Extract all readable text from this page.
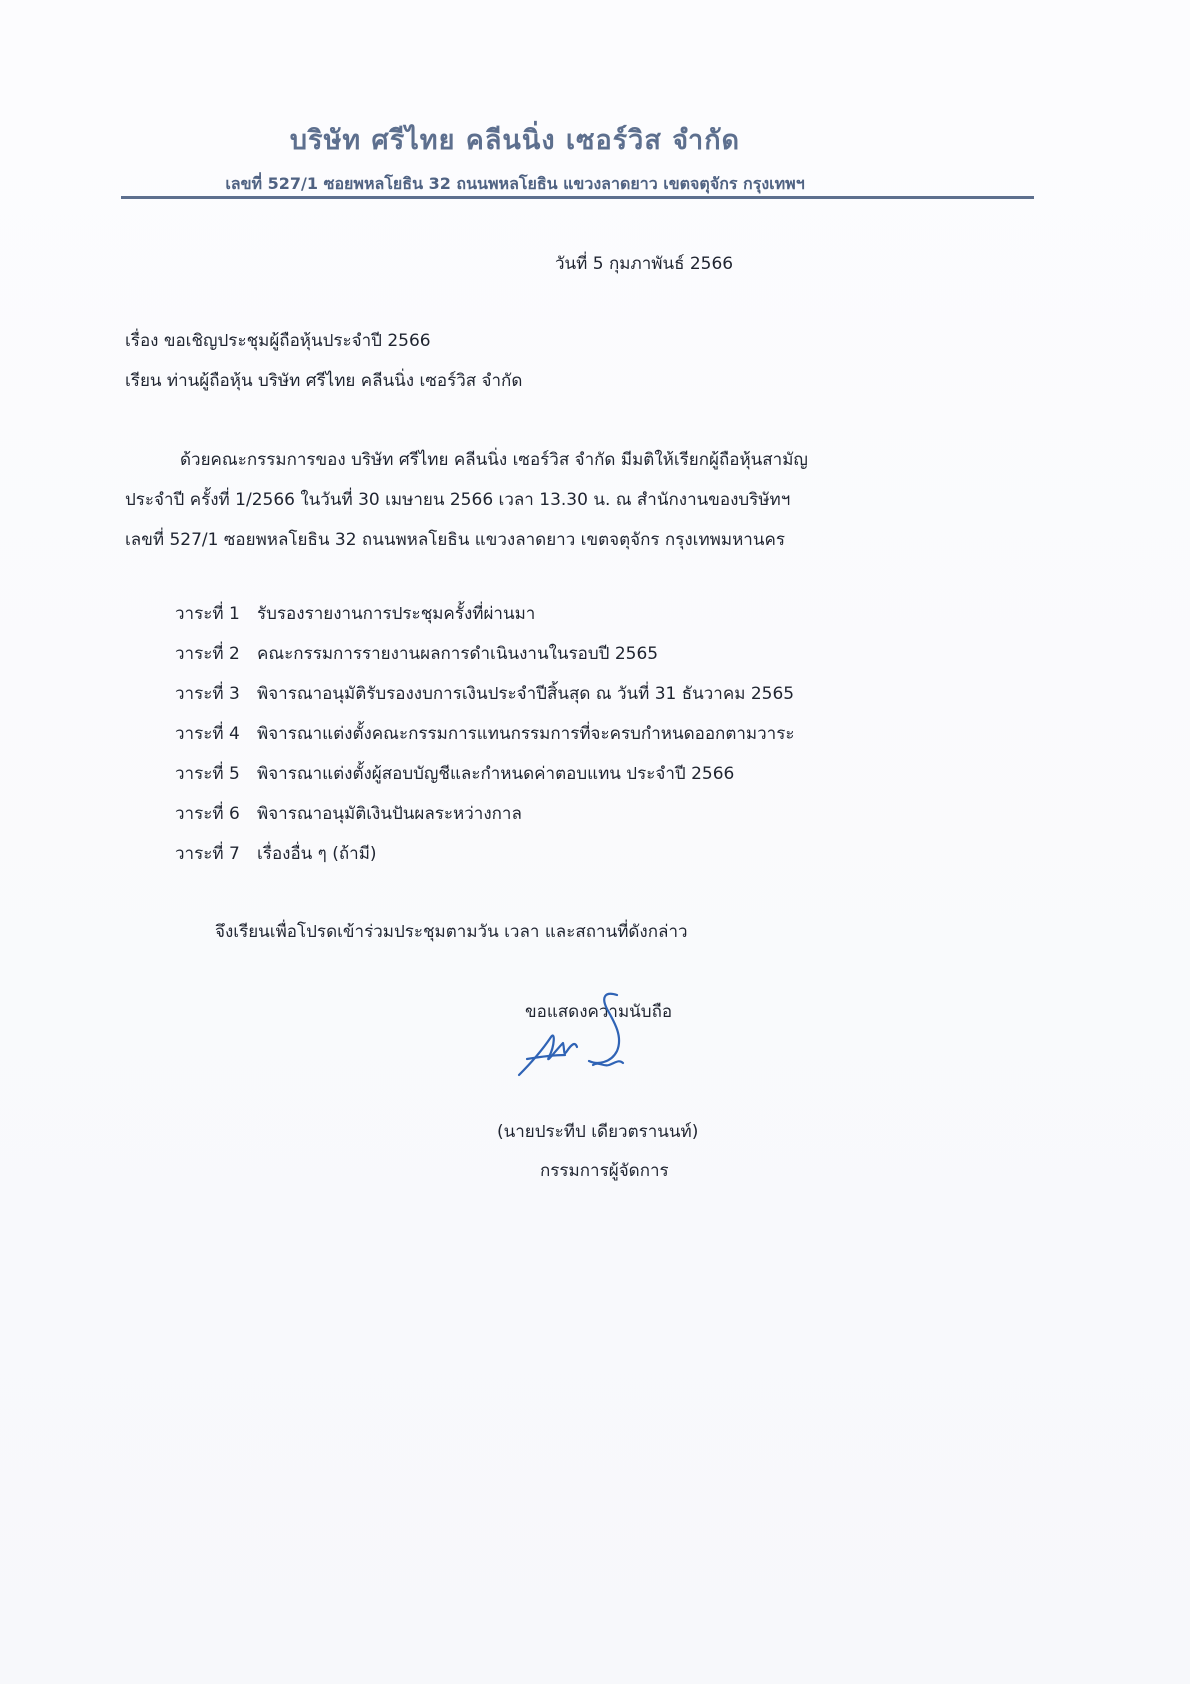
บริษัท ศรีไทย คลีนนิ่ง เซอร์วิส จำกัด
เลขที่ 527/1 ซอยพหลโยธิน 32 ถนนพหลโยธิน แขวงลาดยาว เขตจตุจักร กรุงเทพฯ
วันที่ 5 กุมภาพันธ์ 2566
เรื่อง ขอเชิญประชุมผู้ถือหุ้นประจำปี 2566
เรียน ท่านผู้ถือหุ้น บริษัท ศรีไทย คลีนนิ่ง เซอร์วิส จำกัด
ด้วยคณะกรรมการของ บริษัท ศรีไทย คลีนนิ่ง เซอร์วิส จำกัด มีมติให้เรียกผู้ถือหุ้นสามัญ
ประจำปี ครั้งที่ 1/2566 ในวันที่ 30 เมษายน 2566 เวลา 13.30 น. ณ สำนักงานของบริษัทฯ
เลขที่ 527/1 ซอยพหลโยธิน 32 ถนนพหลโยธิน แขวงลาดยาว เขตจตุจักร กรุงเทพมหานคร
วาระที่ 1	รับรองรายงานการประชุมครั้งที่ผ่านมา
วาระที่ 2	คณะกรรมการรายงานผลการดำเนินงานในรอบปี 2565
วาระที่ 3	พิจารณาอนุมัติรับรองงบการเงินประจำปีสิ้นสุด ณ วันที่ 31 ธันวาคม 2565
วาระที่ 4	พิจารณาแต่งตั้งคณะกรรมการแทนกรรมการที่จะครบกำหนดออกตามวาระ
วาระที่ 5	พิจารณาแต่งตั้งผู้สอบบัญชีและกำหนดค่าตอบแทน ประจำปี 2566
วาระที่ 6	พิจารณาอนุมัติเงินปันผลระหว่างกาล
วาระที่ 7	เรื่องอื่น ๆ (ถ้ามี)
จึงเรียนเพื่อโปรดเข้าร่วมประชุมตามวัน เวลา และสถานที่ดังกล่าว
ขอแสดงความนับถือ
(นายประทีป เดียวตรานนท์)
กรรมการผู้จัดการ
